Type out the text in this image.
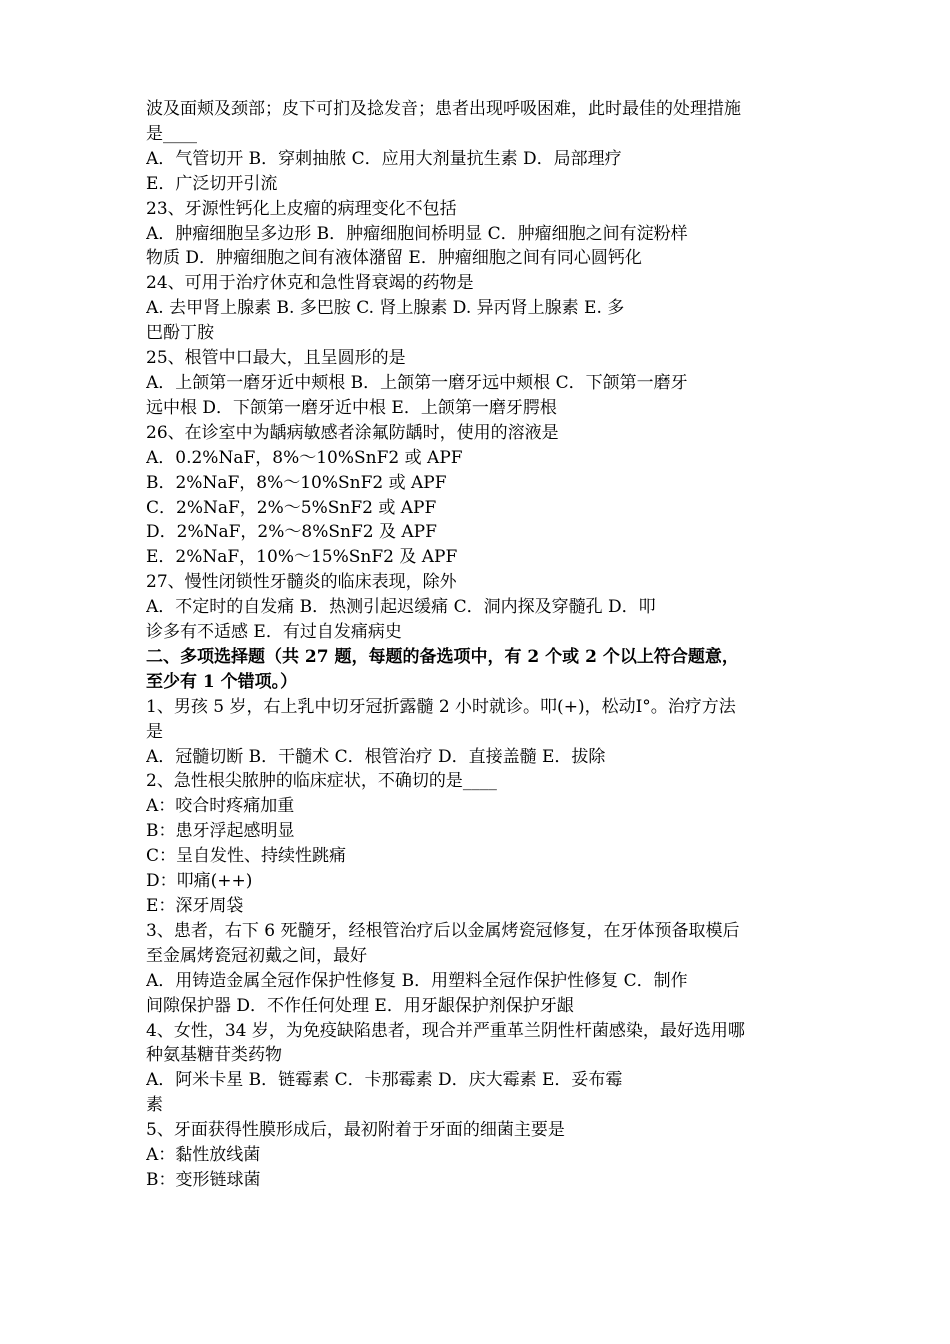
波及面颊及颈部；皮下可扪及捻发音；患者出现呼吸困难，此时最佳的处理措施
是____
A．气管切开 B．穿刺抽脓 C．应用大剂量抗生素 D．局部理疗
E．广泛切开引流
23、牙源性钙化上皮瘤的病理变化不包括
A．肿瘤细胞呈多边形 B．肿瘤细胞间桥明显 C．肿瘤细胞之间有淀粉样
物质 D．肿瘤细胞之间有液体潴留 E．肿瘤细胞之间有同心圆钙化
24、可用于治疗休克和急性肾衰竭的药物是
A. 去甲肾上腺素 B. 多巴胺 C. 肾上腺素 D. 异丙肾上腺素 E. 多
巴酚丁胺
25、根管中口最大，且呈圆形的是
A．上颌第一磨牙近中颊根 B．上颌第一磨牙远中颊根 C．下颌第一磨牙
远中根 D．下颌第一磨牙近中根 E．上颌第一磨牙腭根
26、在诊室中为龋病敏感者涂氟防龋时，使用的溶液是
A．0.2%NaF，8%～10%SnF2 或 APF
B．2%NaF，8%～10%SnF2 或 APF
C．2%NaF，2%～5%SnF2 或 APF
D．2%NaF，2%～8%SnF2 及 APF
E．2%NaF，10%～15%SnF2 及 APF
27、慢性闭锁性牙髓炎的临床表现，除外
A．不定时的自发痛 B．热测引起迟缓痛 C．洞内探及穿髓孔 D．叩
诊多有不适感 E．有过自发痛病史
二、多项选择题（共 27 题，每题的备选项中，有 2 个或 2 个以上符合题意，
至少有 1 个错项。）
1、男孩 5 岁，右上乳中切牙冠折露髓 2 小时就诊。叩(+)，松动Ⅰ°。治疗方法
是
A．冠髓切断 B．干髓术 C．根管治疗 D．直接盖髓 E．拔除
2、急性根尖脓肿的临床症状，不确切的是____
A：咬合时疼痛加重
B：患牙浮起感明显
C：呈自发性、持续性跳痛
D：叩痛(++)
E：深牙周袋
3、患者，右下 6 死髓牙，经根管治疗后以金属烤瓷冠修复，在牙体预备取模后
至金属烤瓷冠初戴之间，最好
A．用铸造金属全冠作保护性修复 B．用塑料全冠作保护性修复 C．制作
间隙保护器 D．不作任何处理 E．用牙龈保护剂保护牙龈
4、女性，34 岁，为免疫缺陷患者，现合并严重革兰阴性杆菌感染，最好选用哪
种氨基糖苷类药物
A．阿米卡星 B．链霉素 C．卡那霉素 D．庆大霉素 E．妥布霉
素
5、牙面获得性膜形成后，最初附着于牙面的细菌主要是
A：黏性放线菌
B：变形链球菌
